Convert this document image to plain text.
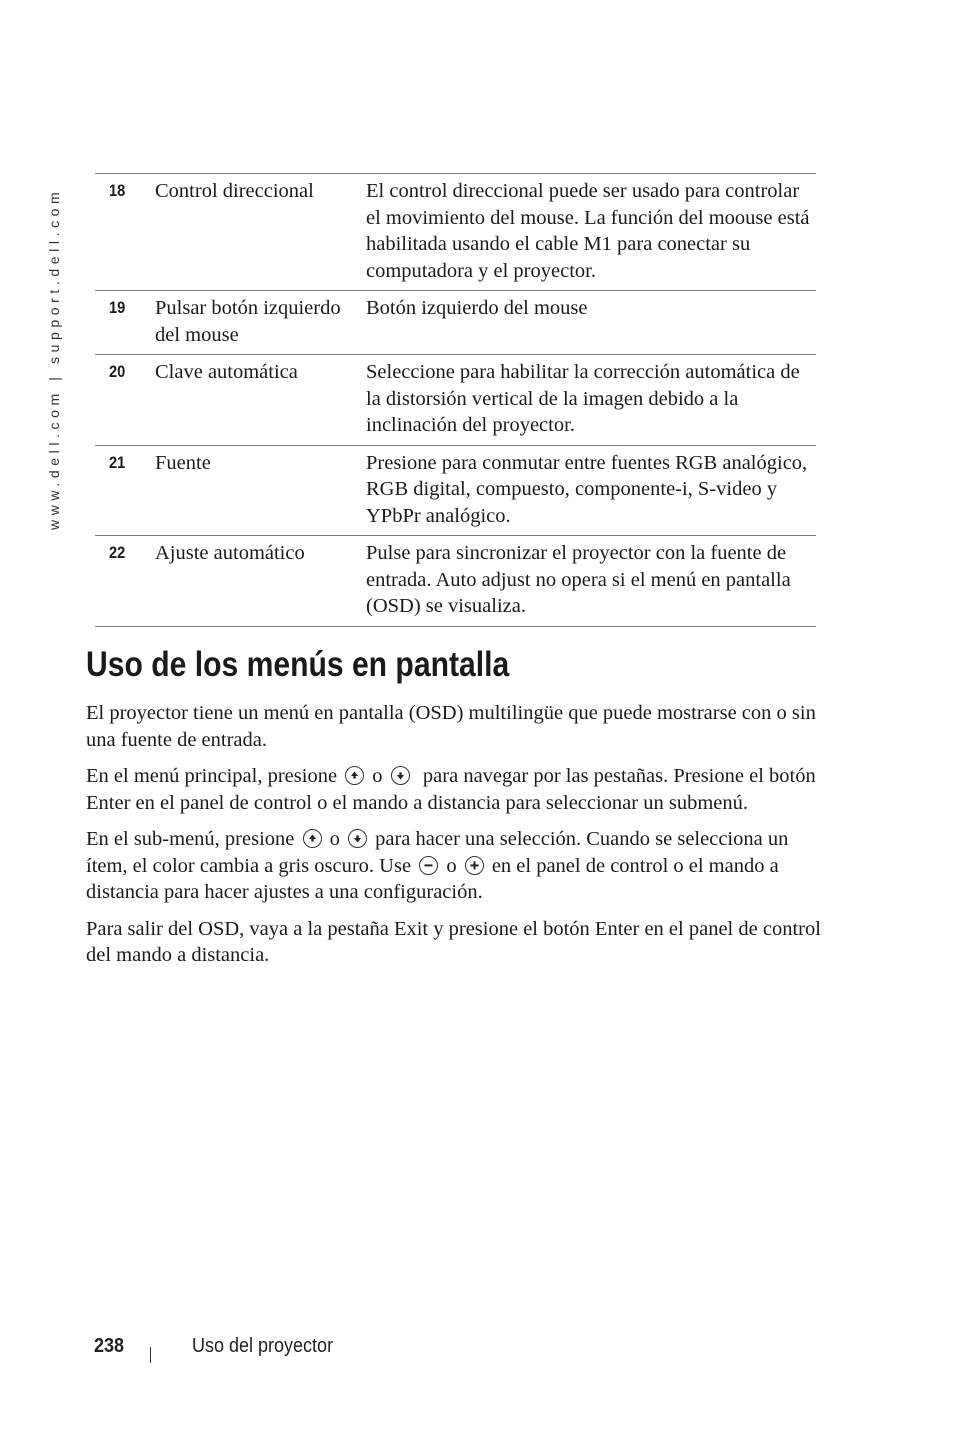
www.dell.com | support.dell.com	18	Control direccional	El control direccional puede ser usado para controlar el movimiento del mouse. La función del moouse está habilitada usando el cable M1 para conectar su computadora y el proyector.
19	Pulsar botón izquierdo del mouse	Botón izquierdo del mouse
20	Clave automática	Seleccione para habilitar la corrección automática de la distorsión vertical de la imagen debido a la inclinación del proyector.
21	Fuente	Presione para conmutar entre fuentes RGB analógico, RGB digital, compuesto, componente-i, S-video y YPbPr analógico.
22	Ajuste automático	Pulse para sincronizar el proyector con la fuente de entrada. Auto adjust no opera si el menú en pantalla (OSD) se visualiza.
Uso de los menús en pantalla

El proyector tiene un menú en pantalla (OSD) multilingüe que puede mostrarse con o sin una fuente de entrada.

En el menú principal, presione o para navegar por las pestañas. Presione el botón Enter en el panel de control o el mando a distancia para seleccionar un submenú.

En el sub-menú, presione o para hacer una selección. Cuando se selecciona un ítem, el color cambia a gris oscuro. Use o en el panel de control o el mando a distancia para hacer ajustes a una configuración.

Para salir del OSD, vaya a la pestaña Exit y presione el botón Enter en el panel de control del mando a distancia.

238	Uso del proyector
